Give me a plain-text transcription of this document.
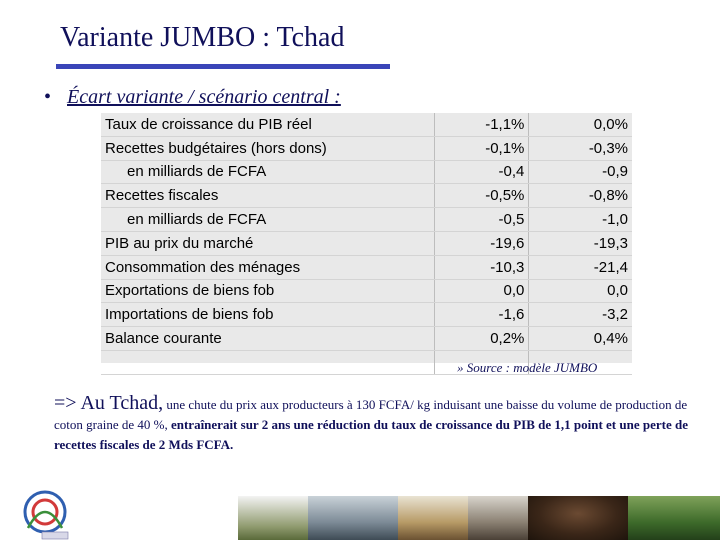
Variante JUMBO : Tchad
• Écart variante / scénario central :
Taux de croissance du PIB réel	-1,1%	0,0%
Recettes budgétaires (hors dons)	-0,1%	-0,3%
en milliards de FCFA	-0,4	-0,9
Recettes fiscales	-0,5%	-0,8%
en milliards de FCFA	-0,5	-1,0
PIB au prix du marché	-19,6	-19,3
Consommation des ménages	-10,3	-21,4
Exportations de biens fob	0,0	0,0
Importations de biens fob	-1,6	-3,2
Balance courante	0,2%	0,4%

» Source : modèle JUMBO
=> Au Tchad, une chute du prix aux producteurs à 130 FCFA/ kg induisant une baisse du volume de production de coton graine de 40 %, entraînerait sur 2 ans une réduction du taux de croissance du PIB de 1,1 point et une perte de recettes fiscales de 2 Mds FCFA.
